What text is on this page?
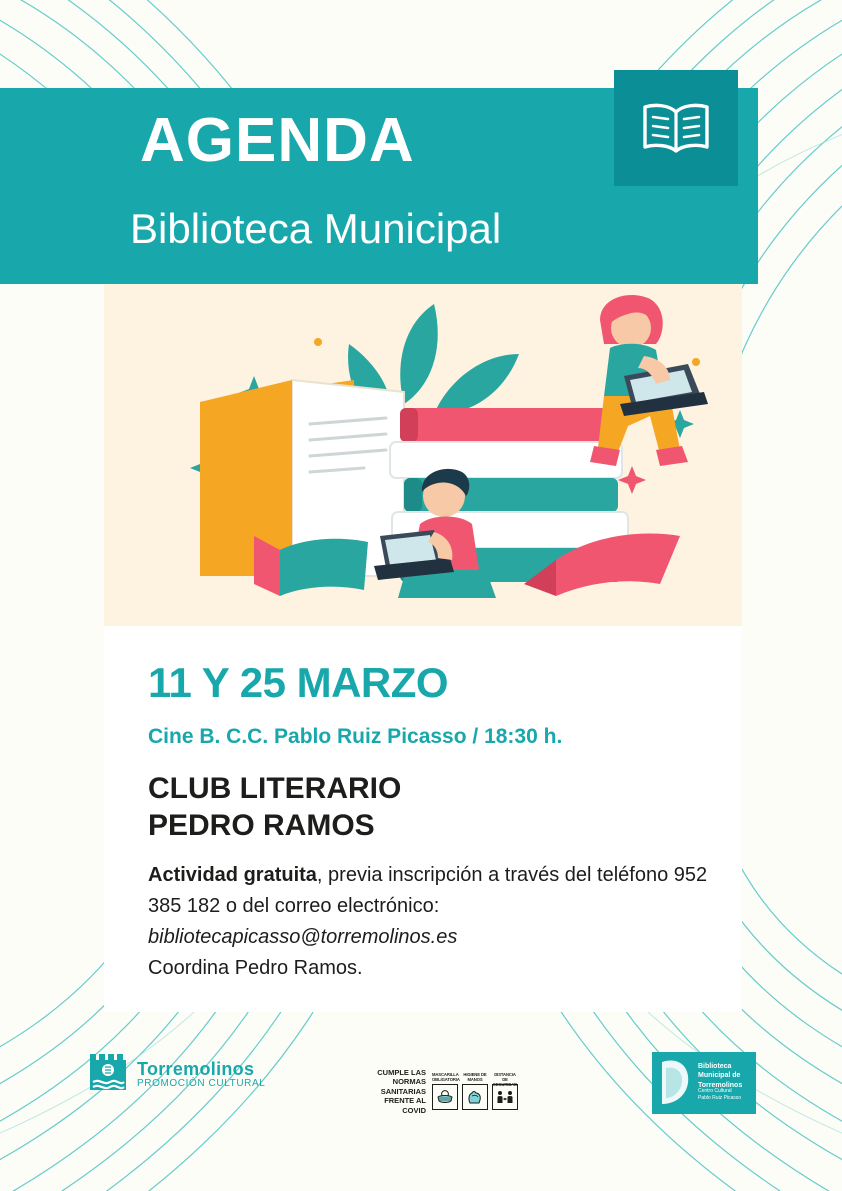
AGENDA
Biblioteca Municipal
11 Y 25 MARZO
Cine B. C.C. Pablo Ruiz Picasso / 18:30 h.
CLUB LITERARIO
PEDRO RAMOS
Actividad gratuita, previa inscripción a través del teléfono 952 385 182 o del correo electrónico:
bibliotecapicasso@torremolinos.es
Coordina Pedro Ramos.
Torremolinos
PROMOCIÓN CULTURAL
CUMPLE LAS
NORMAS SANITARIAS
FRENTE AL COVID
MASCARILLA OBLIGATORIA
HIGIENE DE MANOS
DISTANCIA DE SEGURIDAD
Biblioteca
Municipal de
Torremolinos
Centro Cultural
Pablo Ruiz Picasso
